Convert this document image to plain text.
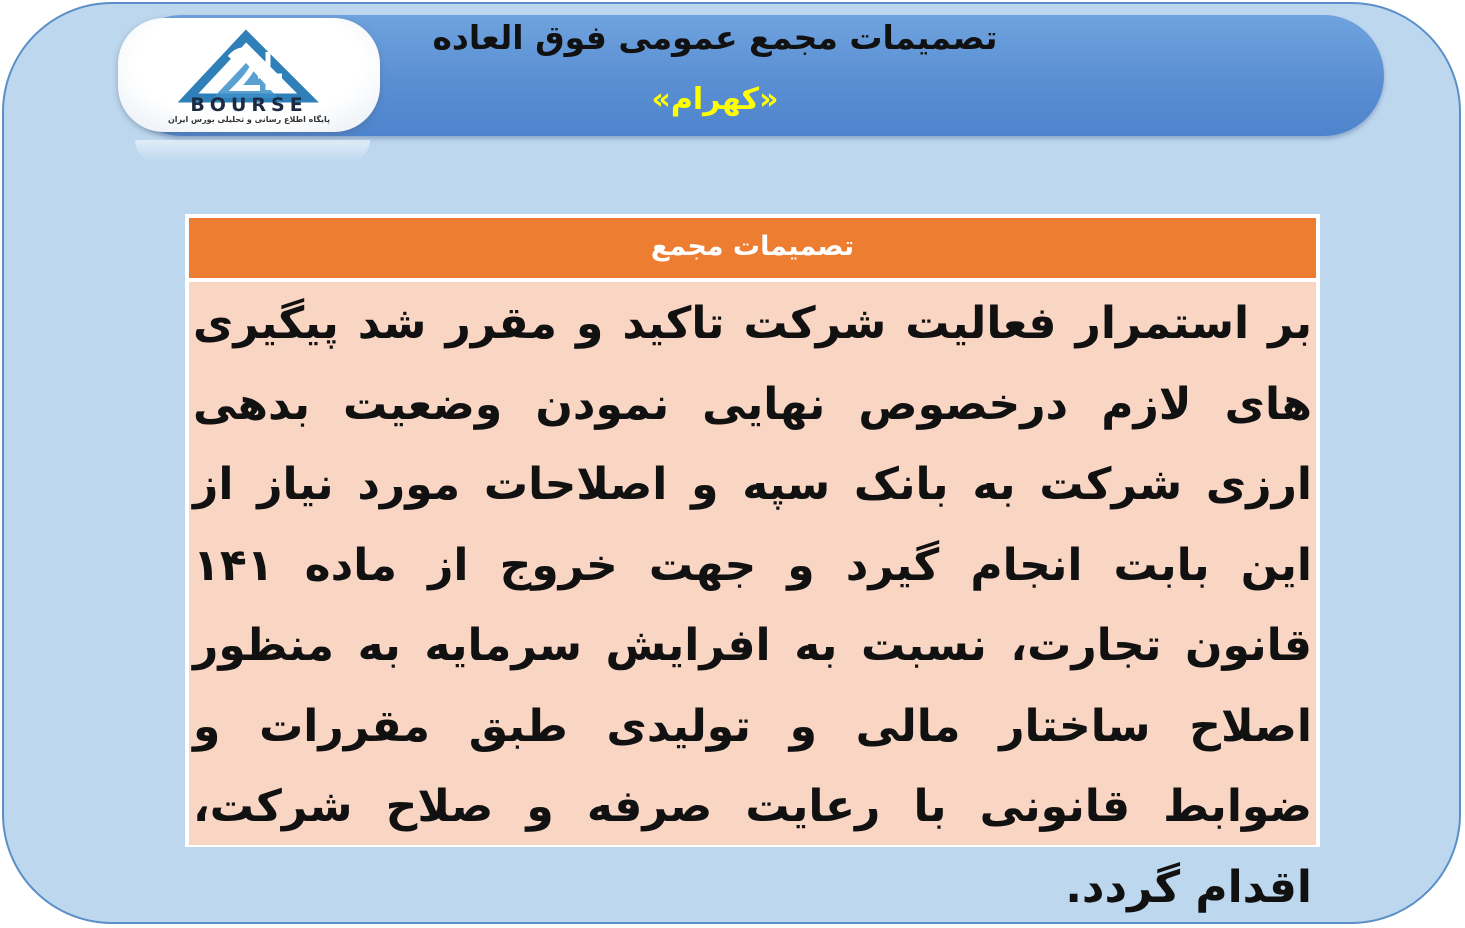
تصمیمات مجمع عمومی فوق العاده
«کهرام»
BOURSE
پایگاه اطلاع رسانی و تحلیلی بورس ایران
تصمیمات مجمع
بر استمرار فعالیت شرکت تاکید و مقرر شد پیگیری های لازم درخصوص نهایی نمودن وضعیت بدهی ارزی شرکت به بانک سپه و اصلاحات مورد نیاز از این بابت انجام گیرد و جهت خروج از ماده ۱۴۱ قانون تجارت، نسبت به افرایش سرمایه به منظور اصلاح ساختار مالی و تولیدی طبق مقررات و ضوابط قانونی با رعایت صرفه و صلاح شرکت، اقدام گردد.
